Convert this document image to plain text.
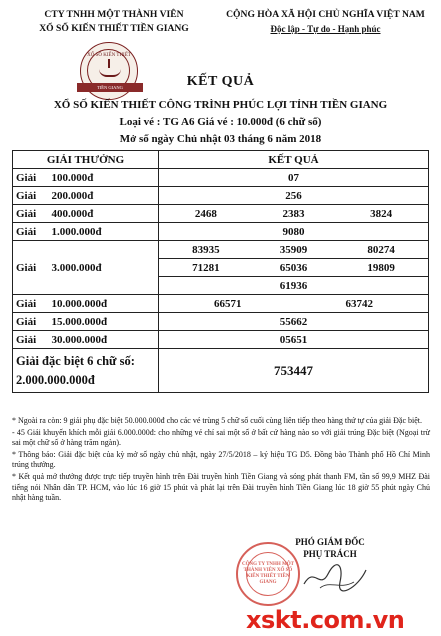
CTY TNHH MỘT THÀNH VIÊN
XỔ SỐ KIẾN THIẾT TIỀN GIANG
CỘNG HÒA XÃ HỘI CHỦ NGHĨA VIỆT NAM
Độc lập - Tự do - Hạnh phúc
XỔ SỐ KIẾN THIẾT
TIỀN GIANG	KẾT QUẢ
XỔ SỐ KIẾN THIẾT CÔNG TRÌNH PHÚC LỢI TỈNH TIỀN GIANG
Loại vé : TG A6 Giá vé : 10.000đ (6 chữ số)
Mở số ngày Chủ nhật 03 tháng 6 năm 2018
GIẢI THƯỞNG		KẾT QUẢ
Giải	100.000đ	07
Giải	200.000đ	256
Giải	400.000đ	2468 2383 3824

Giải	1.000.000đ	9080
Giải	3.000.000đ	83935 35909 80274

		71281 65036 19809

		61936
Giải	10.000.000đ	66571 63742

Giải	15.000.000đ	55662
Giải	30.000.000đ	05651

Giải đặc biệt 6 chữ số:
2.000.000.000đ		753447

* Ngoài ra còn: 9 giải phụ đặc biệt 50.000.000đ cho các vé trùng 5 chữ số cuối cùng liên tiếp theo hàng thứ tự của giải Đặc biệt.

- 45 Giải khuyến khích mỗi giải 6.000.000đ: cho những vé chỉ sai một số ở bất cứ hàng nào so với giải trúng Đặc biệt (Ngoại trừ sai một chữ số ở hàng trăm ngàn).

* Thông báo: Giải đặc biệt của kỳ mở số ngày chủ nhật, ngày 27/5/2018 – ký hiệu TG D5. Đồng bào Thành phố Hồ Chí Minh trúng thưởng.

* Kết quả mở thưởng được trực tiếp truyền hình trên Đài truyền hình Tiền Giang và sóng phát thanh FM, tần số 99,9 MHZ Đài tiếng nói Nhân dân TP. HCM, vào lúc 16 giờ 15 phút và phát lại trên Đài truyền hình Tiền Giang lúc 18 giờ 55 phút ngày Chủ nhật hàng tuần.

CÔNG TY TNHH MỘT THÀNH VIÊN XỔ SỐ KIẾN THIẾT TIỀN GIANG
PHÓ GIÁM ĐỐC
PHỤ TRÁCH
xskt.com.vn
